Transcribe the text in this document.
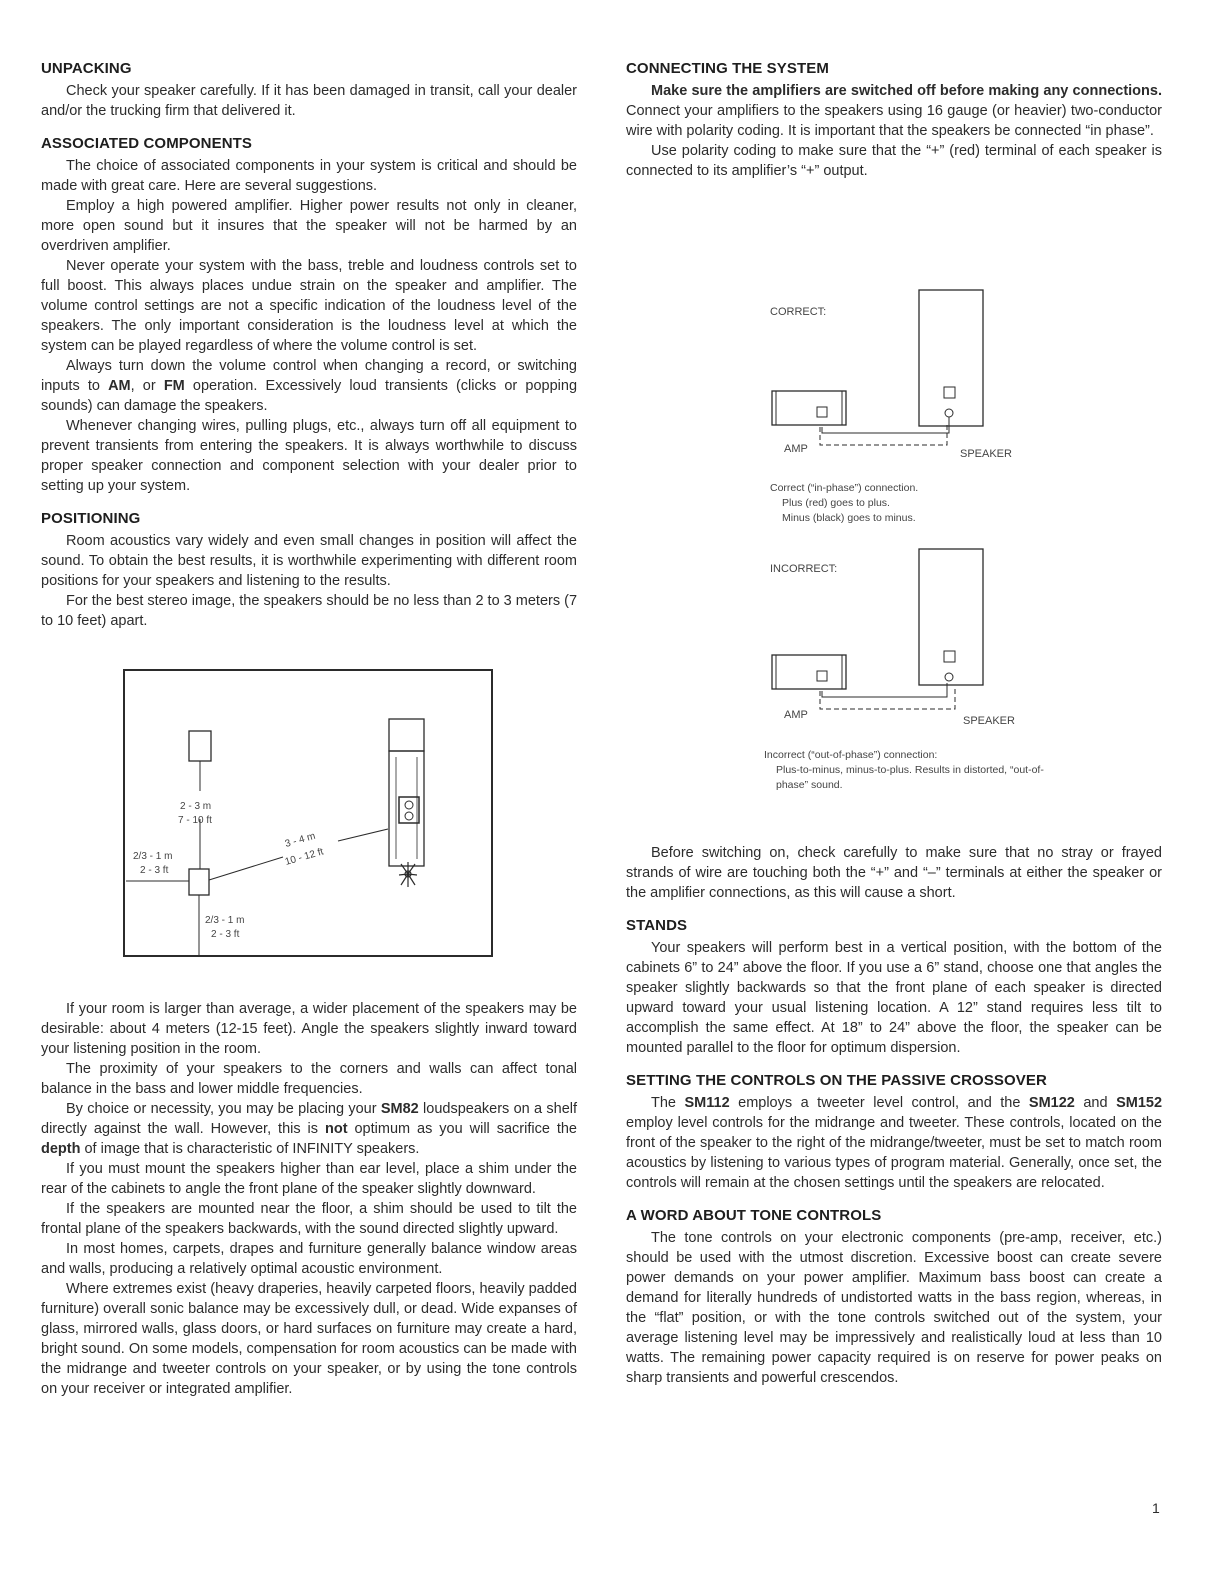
UNPACKING

Check your speaker carefully. If it has been damaged in transit, call your dealer and/or the trucking firm that delivered it.

ASSOCIATED COMPONENTS

The choice of associated components in your system is critical and should be made with great care. Here are several suggestions.

Employ a high powered amplifier. Higher power results not only in cleaner, more open sound but it insures that the speaker will not be harmed by an overdriven amplifier.

Never operate your system with the bass, treble and loudness controls set to full boost. This always places undue strain on the speaker and amplifier. The volume control settings are not a specific indication of the loudness level of the speakers. The only important consideration is the loudness level at which the system can be played regardless of where the volume control is set.

Always turn down the volume control when changing a record, or switching inputs to AM, or FM operation. Excessively loud transients (clicks or popping sounds) can damage the speakers.

Whenever changing wires, pulling plugs, etc., always turn off all equipment to prevent transients from entering the speakers. It is always worthwhile to discuss proper speaker connection and component selection with your dealer prior to setting up your system.

POSITIONING

Room acoustics vary widely and even small changes in position will affect the sound. To obtain the best results, it is worthwhile experimenting with different room positions for your speakers and listening to the results.

For the best stereo image, the speakers should be no less than 2 to 3 meters (7 to 10 feet) apart.

2 - 3 m
7 - 10 ft
2/3 - 1 m
2 - 3 ft
2/3 - 1 m
2 - 3 ft
3 - 4 m
10 - 12 ft

If your room is larger than average, a wider placement of the speakers may be desirable: about 4 meters (12-15 feet). Angle the speakers slightly inward toward your listening position in the room.

The proximity of your speakers to the corners and walls can affect tonal balance in the bass and lower middle frequencies.

By choice or necessity, you may be placing your SM82 loudspeakers on a shelf directly against the wall. However, this is not optimum as you will sacrifice the depth of image that is characteristic of INFINITY speakers.

If you must mount the speakers higher than ear level, place a shim under the rear of the cabinets to angle the front plane of the speaker slightly downward.

If the speakers are mounted near the floor, a shim should be used to tilt the frontal plane of the speakers backwards, with the sound directed slightly upward.

In most homes, carpets, drapes and furniture generally balance window areas and walls, producing a relatively optimal acoustic environment.

Where extremes exist (heavy draperies, heavily carpeted floors, heavily padded furniture) overall sonic balance may be excessively dull, or dead. Wide expanses of glass, mirrored walls, glass doors, or hard surfaces on furniture may create a hard, bright sound. On some models, compensation for room acoustics can be made with the midrange and tweeter controls on your speaker, or by using the tone controls on your receiver or integrated amplifier.

CONNECTING THE SYSTEM

Make sure the amplifiers are switched off before making any connections. Connect your amplifiers to the speakers using 16 gauge (or heavier) two-conductor wire with polarity coding. It is important that the speakers be connected “in phase”.

Use polarity coding to make sure that the “+” (red) terminal of each speaker is connected to its amplifier’s “+” output.

CORRECT:
AMP	SPEAKER
INCORRECT:
AMP	SPEAKER
Correct (“in-phase”) connection.
Plus (red) goes to plus.
Minus (black) goes to minus.
Incorrect (“out-of-phase”) connection:
Plus-to-minus, minus-to-plus. Results in distorted, “out-of-
phase” sound.

Before switching on, check carefully to make sure that no stray or frayed strands of wire are touching both the “+” and “–” terminals at either the speaker or the amplifier connections, as this will cause a short.

STANDS

Your speakers will perform best in a vertical position, with the bottom of the cabinets 6” to 24” above the floor. If you use a 6” stand, choose one that angles the speaker slightly backwards so that the front plane of each speaker is directed upward toward your usual listening location. A 12” stand requires less tilt to accomplish the same effect. At 18” to 24” above the floor, the speaker can be mounted parallel to the floor for optimum dispersion.

SETTING THE CONTROLS ON THE PASSIVE CROSSOVER

The SM112 employs a tweeter level control, and the SM122 and SM152 employ level controls for the midrange and tweeter. These controls, located on the front of the speaker to the right of the midrange/tweeter, must be set to match room acoustics by listening to various types of program material. Generally, once set, the controls will remain at the chosen settings until the speakers are relocated.

A WORD ABOUT TONE CONTROLS

The tone controls on your electronic components (pre-amp, receiver, etc.) should be used with the utmost discretion. Excessive boost can create severe power demands on your power amplifier. Maximum bass boost can create a demand for literally hundreds of undistorted watts in the bass region, whereas, in the “flat” position, or with the tone controls switched out of the system, your average listening level may be impressively and realistically loud at less than 10 watts. The remaining power capacity required is on reserve for power peaks on sharp transients and powerful crescendos.

1
